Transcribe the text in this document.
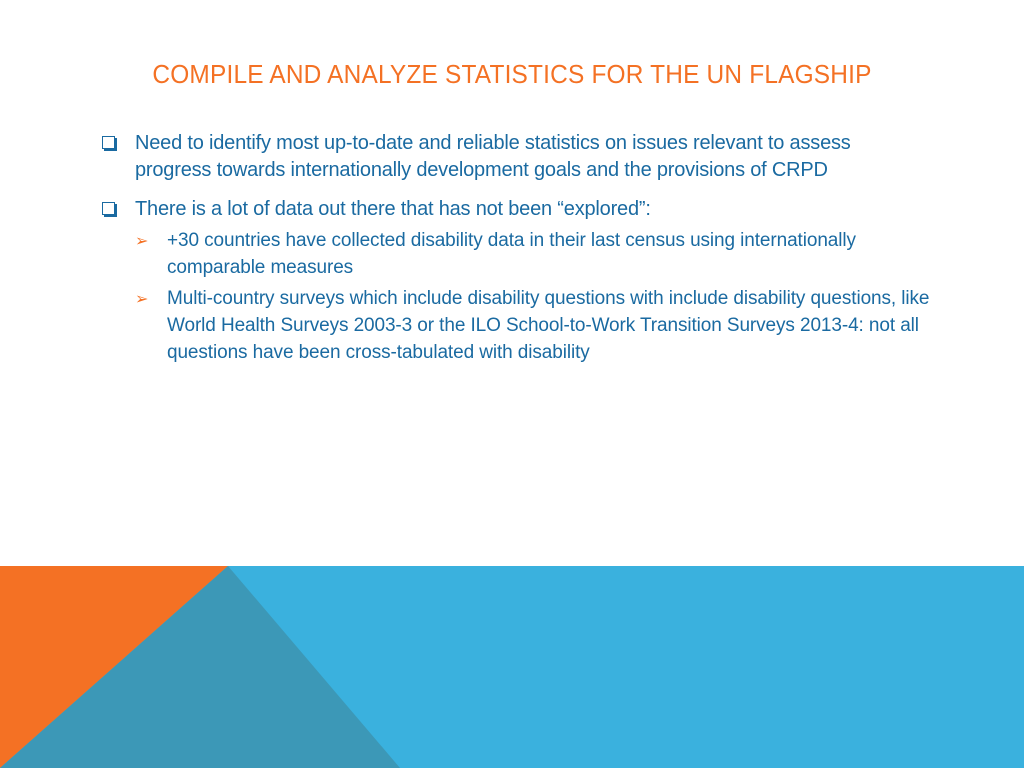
COMPILE AND ANALYZE STATISTICS FOR THE UN FLAGSHIP
Need to identify most up-to-date and reliable statistics on issues relevant to assess progress towards internationally development goals and the provisions of CRPD
There is a lot of data out there that has not been “explored”:
➢ +30 countries have collected disability data in their last census using internationally comparable measures
➢ Multi-country surveys which include disability questions with include disability questions, like World Health Surveys 2003-3 or the ILO School-to-Work Transition Surveys 2013-4: not all questions have been cross-tabulated with disability
